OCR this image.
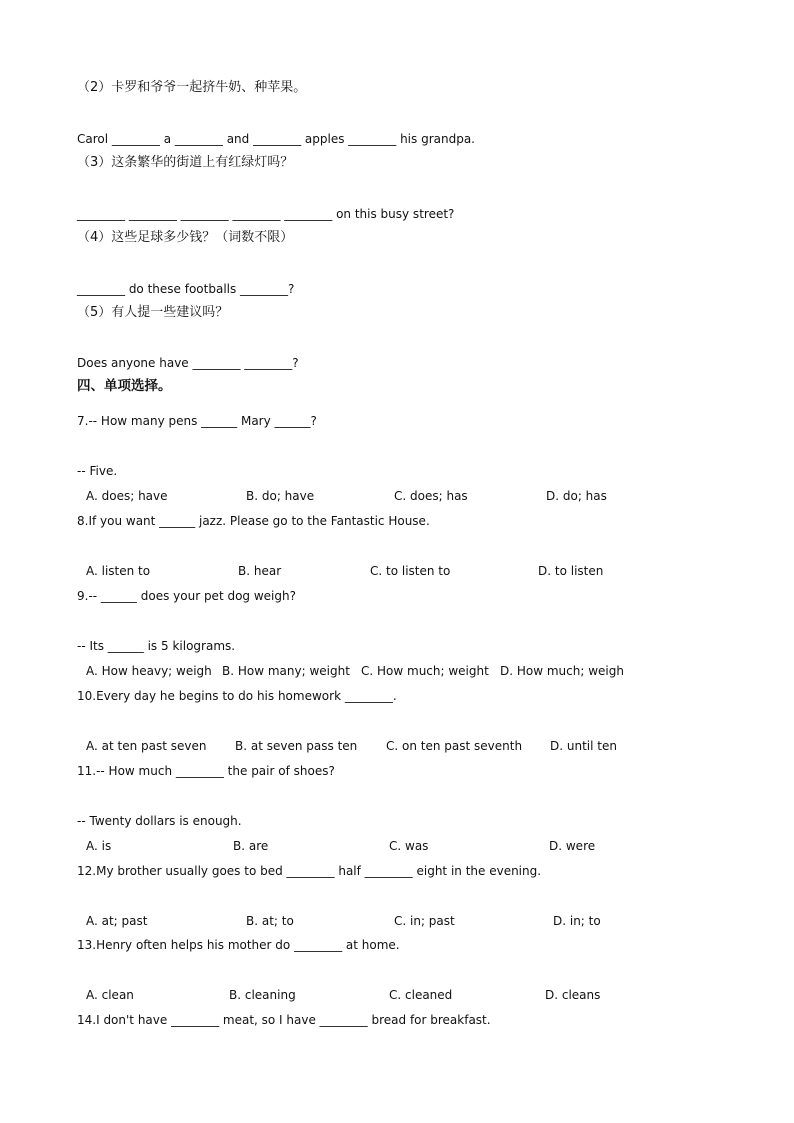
（2）卡罗和爷爷一起挤牛奶、种苹果。
Carol ________ a ________ and ________ apples ________ his grandpa.
（3）这条繁华的街道上有红绿灯吗？
________ ________ ________ ________ ________ on this busy street?
（4）这些足球多少钱？（词数不限）
________ do these footballs ________?
（5）有人提一些建议吗？
Does anyone have ________ ________?
四、单项选择。
7.-- How many pens ______ Mary ______?
-- Five.
A. does; have	B. do; have	C. does; has	D. do; has
8.If you want ______ jazz. Please go to the Fantastic House.
A. listen to	B. hear	C. to listen to	D. to listen
9.-- ______ does your pet dog weigh?
-- Its ______ is 5 kilograms.
A. How heavy; weigh B. How many; weight C. How much; weight D. How much; weigh
10.Every day he begins to do his homework ________.
A. at ten past seven B. at seven pass ten C. on ten past seventh D. until ten
11.-- How much ________ the pair of shoes?
-- Twenty dollars is enough.
A. is	B. are	C. was	D. were
12.My brother usually goes to bed ________ half ________ eight in the evening.
A. at; past	B. at; to	C. in; past	D. in; to
13.Henry often helps his mother do ________ at home.
A. clean	B. cleaning	C. cleaned	D. cleans
14.I don't have ________ meat, so I have ________ bread for breakfast.
